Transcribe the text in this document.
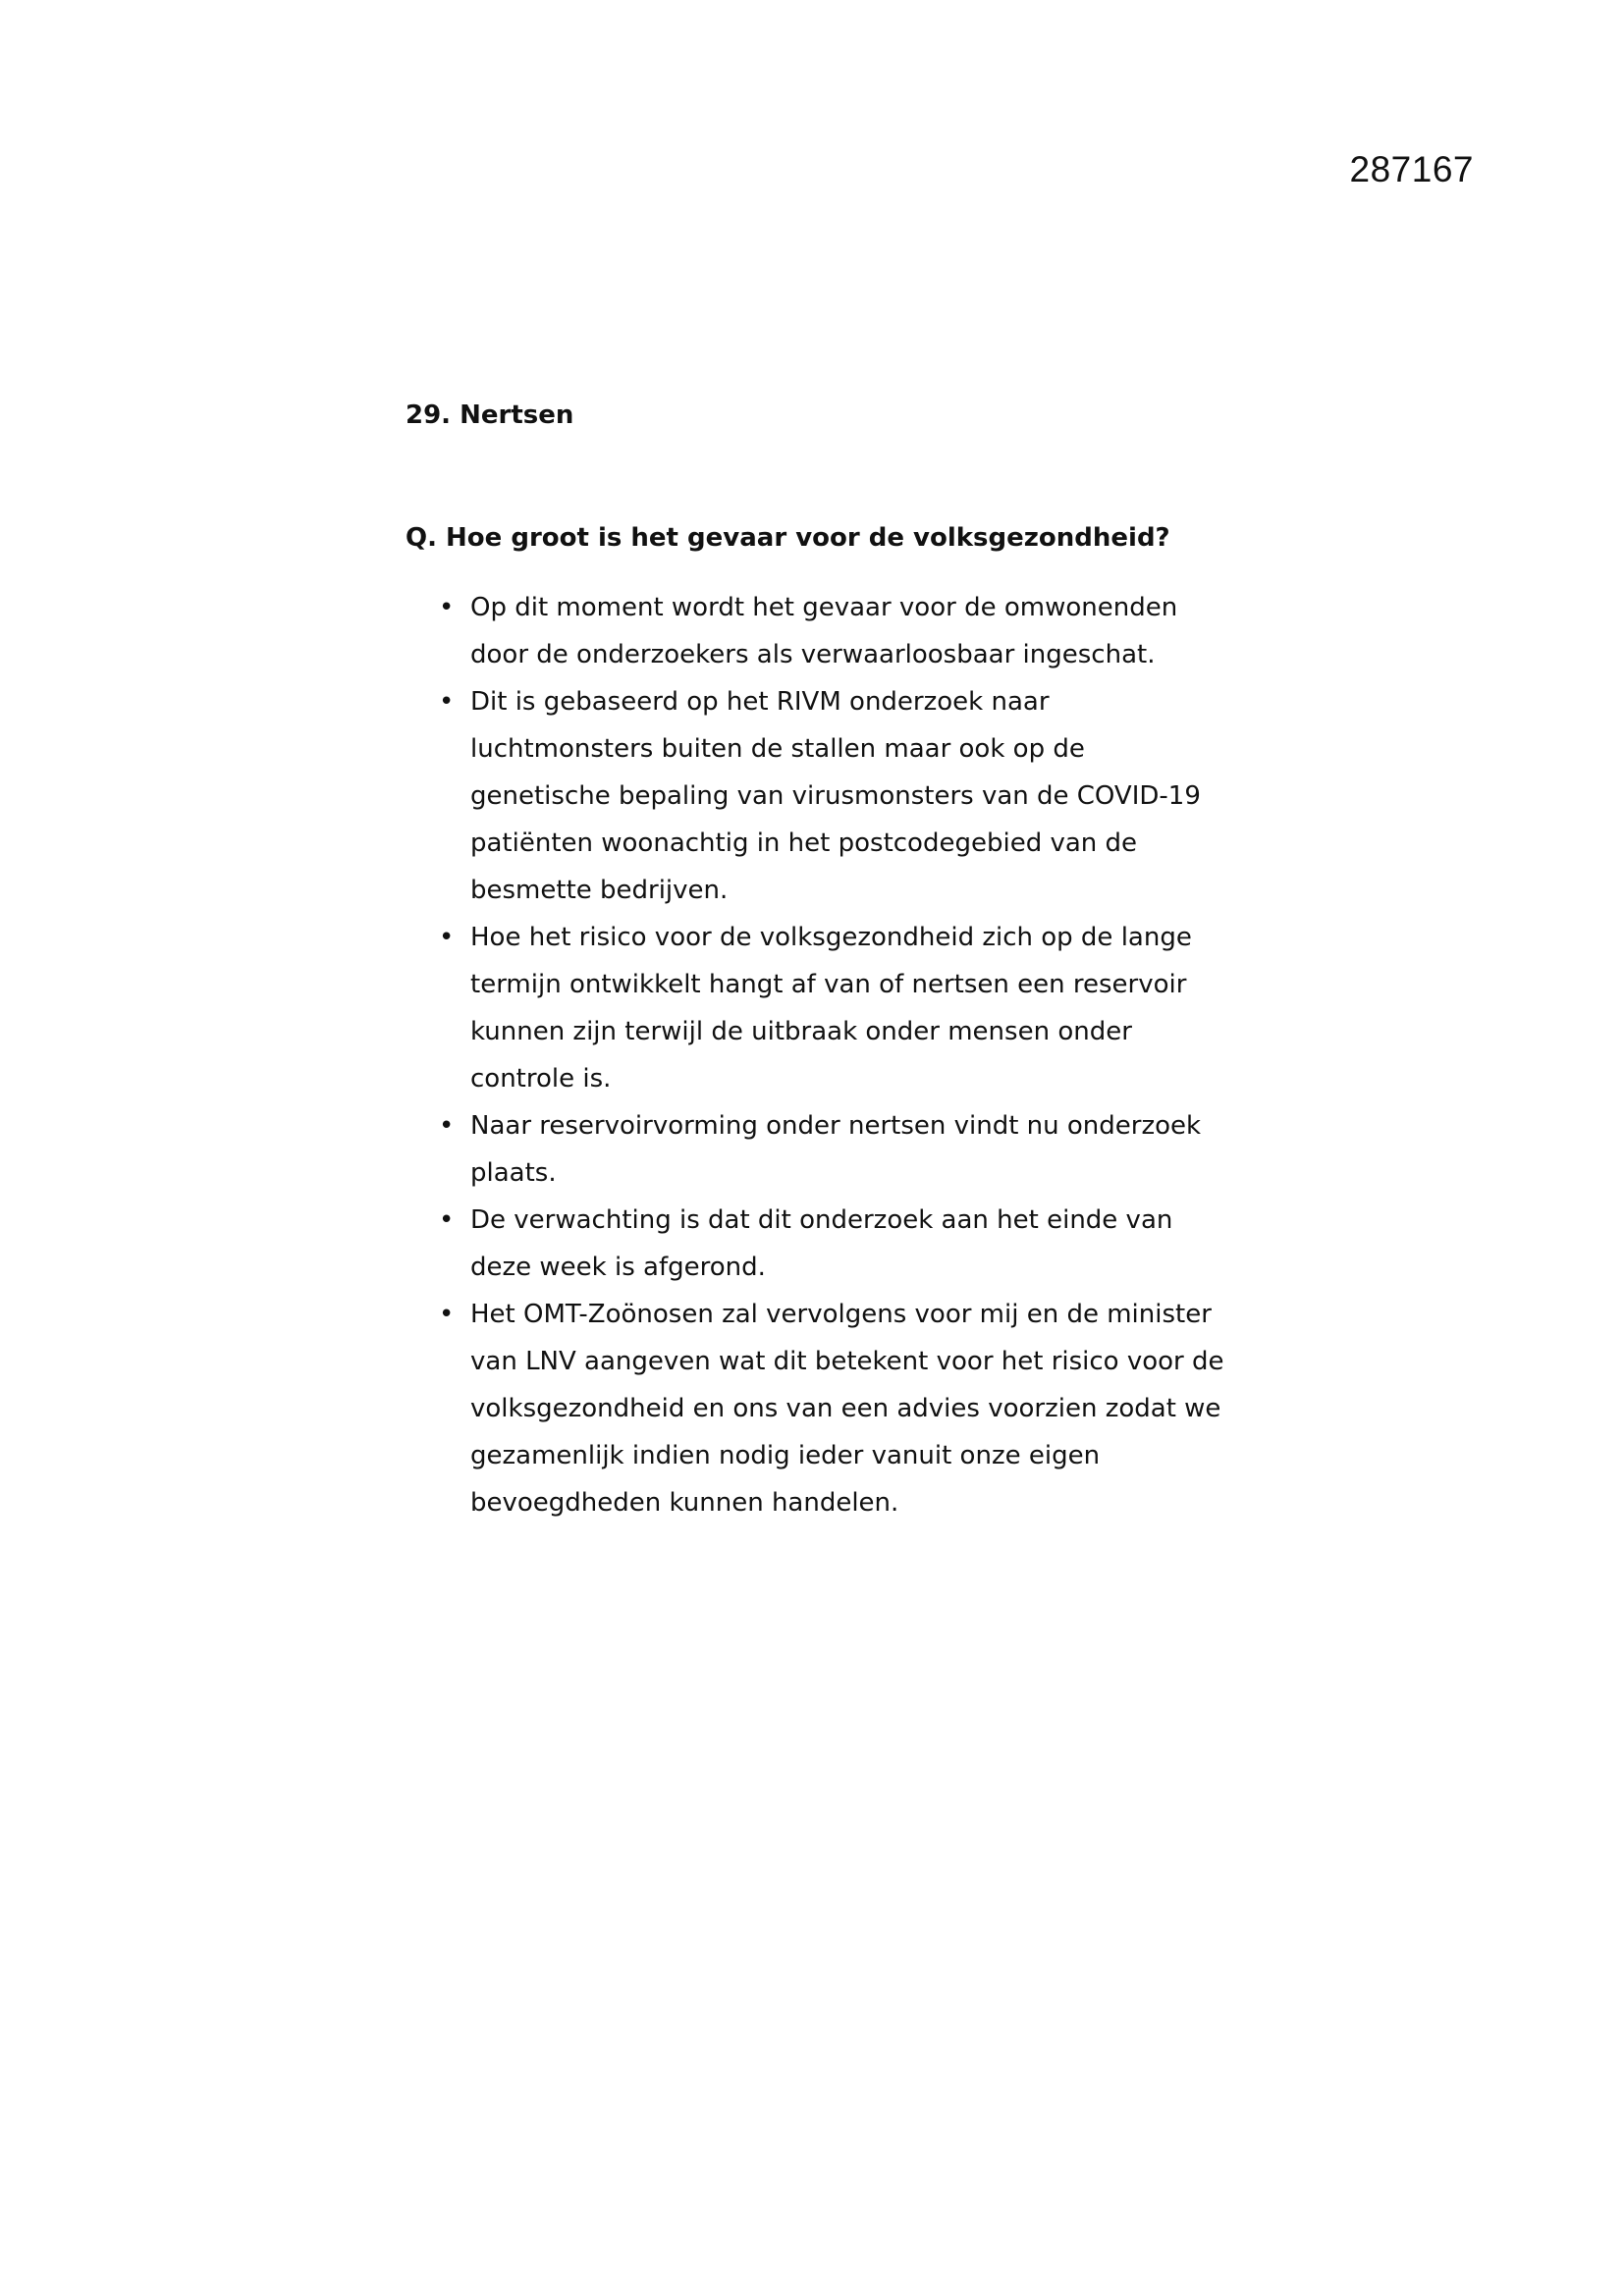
287167
29. Nertsen
Q. Hoe groot is het gevaar voor de volksgezondheid?
• Op dit moment wordt het gevaar voor de omwonenden
door de onderzoekers als verwaarloosbaar ingeschat.
• Dit is gebaseerd op het RIVM onderzoek naar
luchtmonsters buiten de stallen maar ook op de
genetische bepaling van virusmonsters van de COVID-19
patiënten woonachtig in het postcodegebied van de
besmette bedrijven.
• Hoe het risico voor de volksgezondheid zich op de lange
termijn ontwikkelt hangt af van of nertsen een reservoir
kunnen zijn terwijl de uitbraak onder mensen onder
controle is.
• Naar reservoirvorming onder nertsen vindt nu onderzoek
plaats.
• De verwachting is dat dit onderzoek aan het einde van
deze week is afgerond.
• Het OMT-Zoönosen zal vervolgens voor mij en de minister
van LNV aangeven wat dit betekent voor het risico voor de
volksgezondheid en ons van een advies voorzien zodat we
gezamenlijk indien nodig ieder vanuit onze eigen
bevoegdheden kunnen handelen.
